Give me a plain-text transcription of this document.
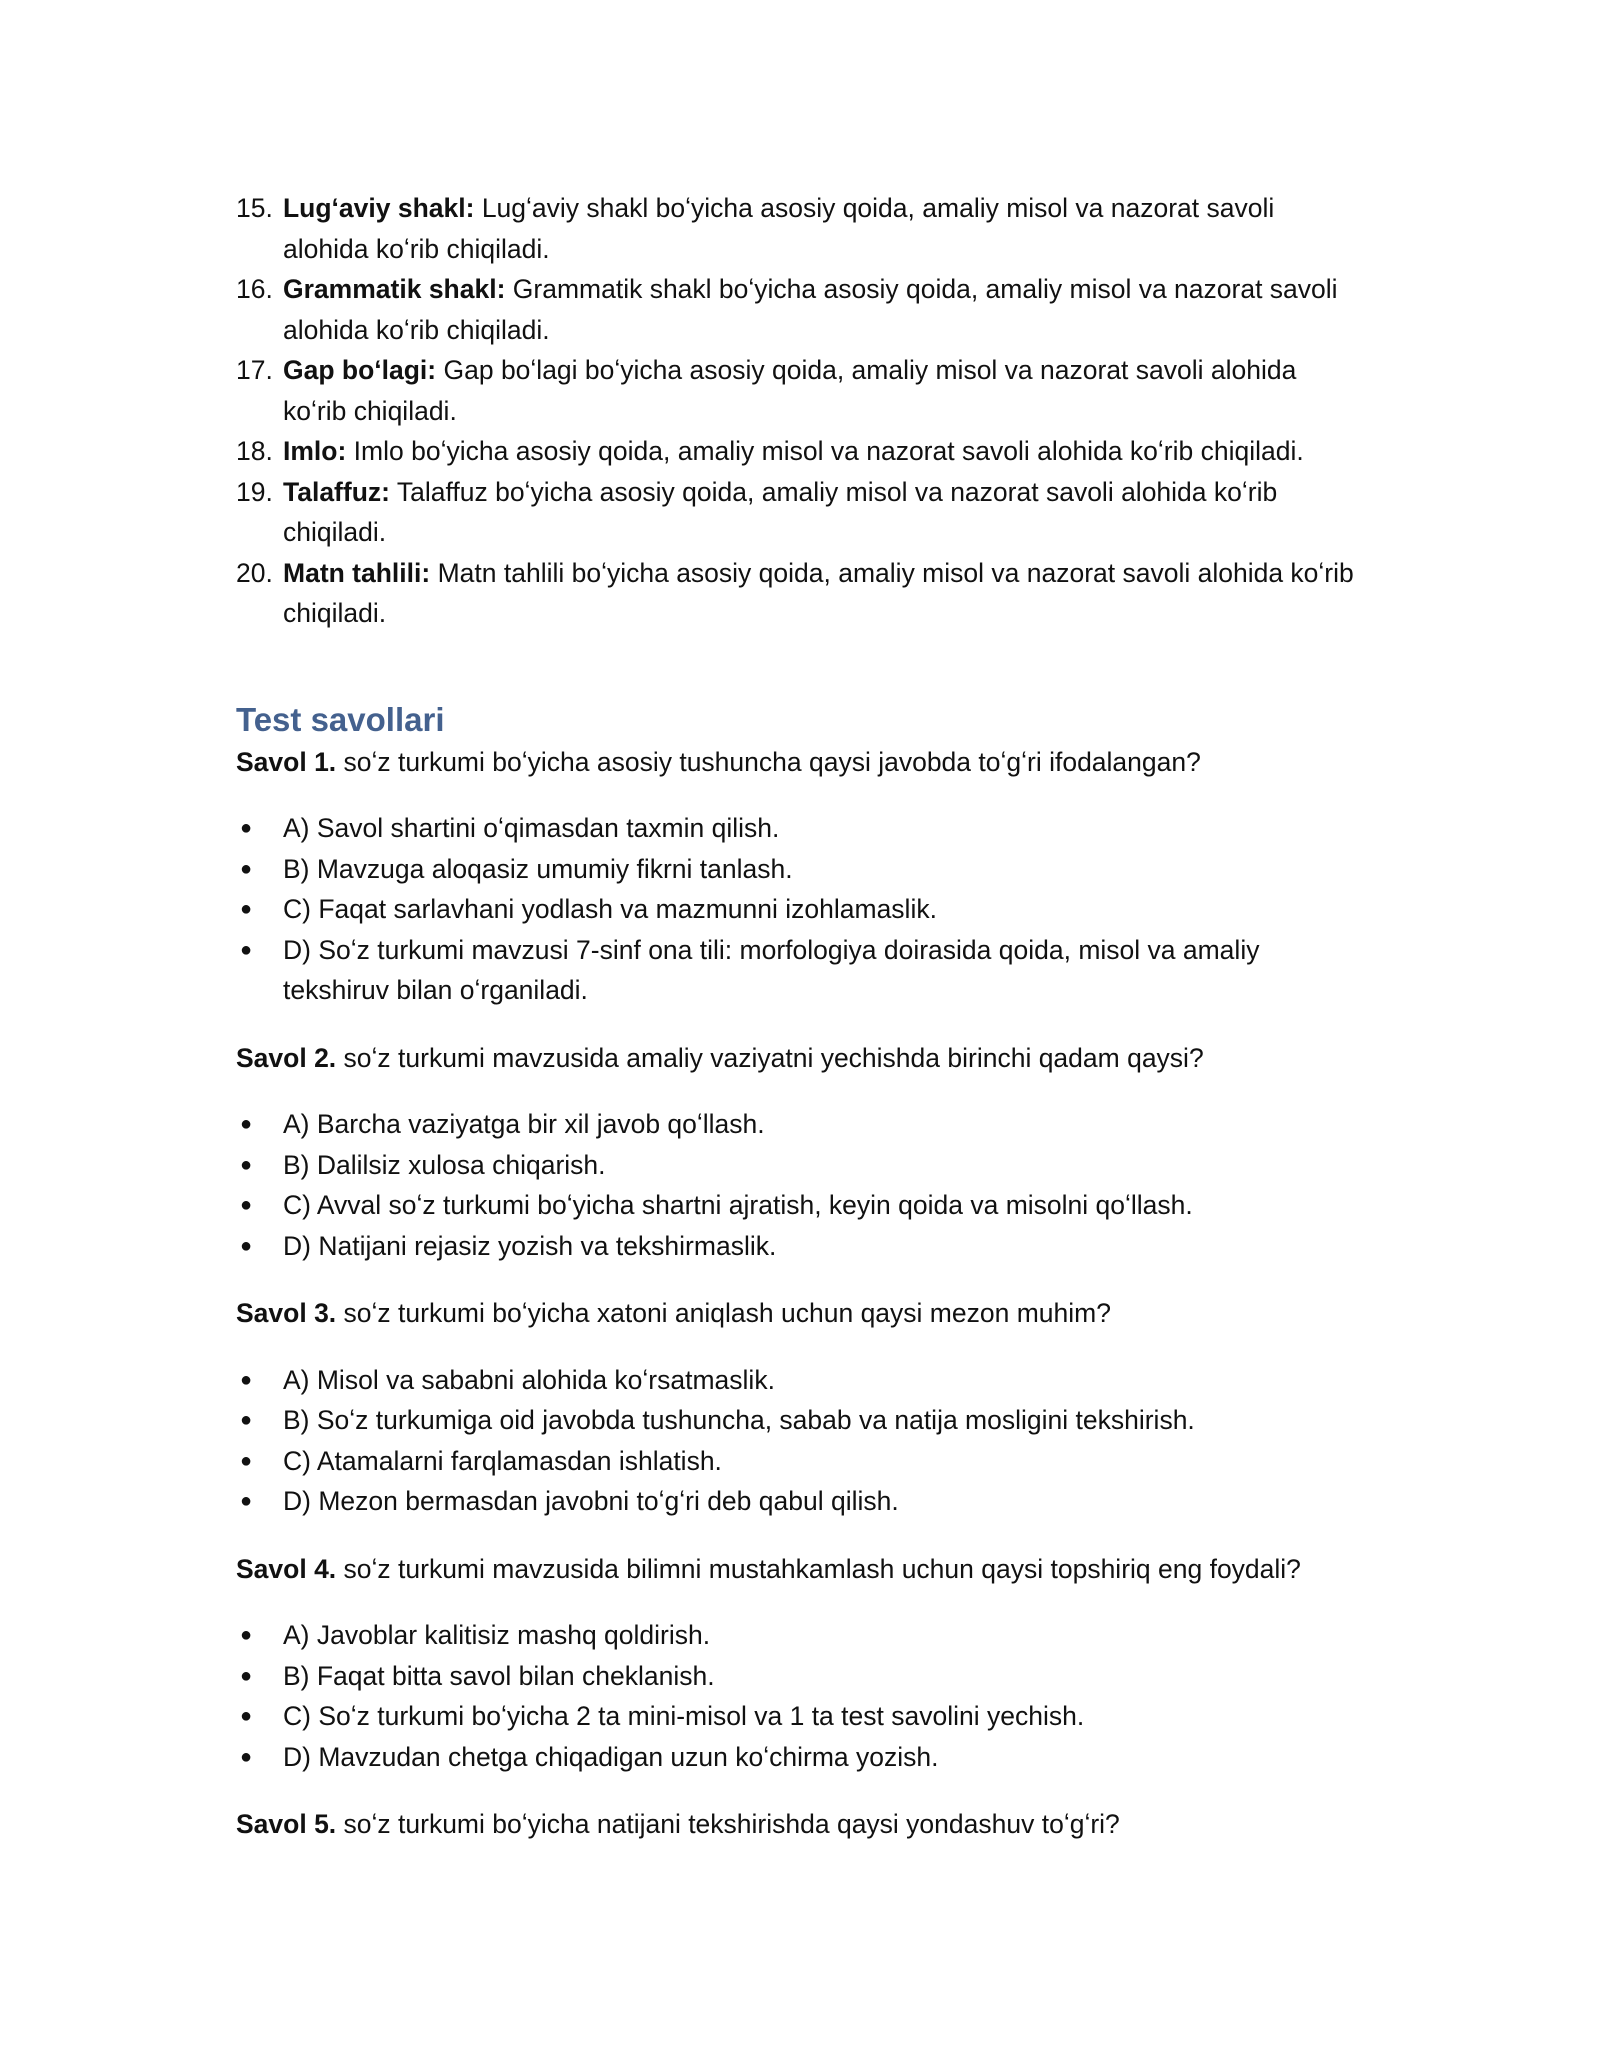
15. Lugʻaviy shakl: Lugʻaviy shakl boʻyicha asosiy qoida, amaliy misol va nazorat savoli alohida koʻrib chiqiladi.
16. Grammatik shakl: Grammatik shakl boʻyicha asosiy qoida, amaliy misol va nazorat savoli alohida koʻrib chiqiladi.
17. Gap boʻlagi: Gap boʻlagi boʻyicha asosiy qoida, amaliy misol va nazorat savoli alohida koʻrib chiqiladi.
18. Imlo: Imlo boʻyicha asosiy qoida, amaliy misol va nazorat savoli alohida koʻrib chiqiladi.
19. Talaffuz: Talaffuz boʻyicha asosiy qoida, amaliy misol va nazorat savoli alohida koʻrib chiqiladi.
20. Matn tahlili: Matn tahlili boʻyicha asosiy qoida, amaliy misol va nazorat savoli alohida koʻrib chiqiladi.
Test savollari

Savol 1. soʻz turkumi boʻyicha asosiy tushuncha qaysi javobda toʻgʻri ifodalangan?

● A) Savol shartini oʻqimasdan taxmin qilish.
● B) Mavzuga aloqasiz umumiy fikrni tanlash.
● C) Faqat sarlavhani yodlash va mazmunni izohlamaslik.
● D) Soʻz turkumi mavzusi 7-sinf ona tili: morfologiya doirasida qoida, misol va amaliy tekshiruv bilan oʻrganiladi.

Savol 2. soʻz turkumi mavzusida amaliy vaziyatni yechishda birinchi qadam qaysi?

● A) Barcha vaziyatga bir xil javob qoʻllash.
● B) Dalilsiz xulosa chiqarish.
● C) Avval soʻz turkumi boʻyicha shartni ajratish, keyin qoida va misolni qoʻllash.
● D) Natijani rejasiz yozish va tekshirmaslik.

Savol 3. soʻz turkumi boʻyicha xatoni aniqlash uchun qaysi mezon muhim?

● A) Misol va sababni alohida koʻrsatmaslik.
● B) Soʻz turkumiga oid javobda tushuncha, sabab va natija mosligini tekshirish.
● C) Atamalarni farqlamasdan ishlatish.
● D) Mezon bermasdan javobni toʻgʻri deb qabul qilish.

Savol 4. soʻz turkumi mavzusida bilimni mustahkamlash uchun qaysi topshiriq eng foydali?

● A) Javoblar kalitisiz mashq qoldirish.
● B) Faqat bitta savol bilan cheklanish.
● C) Soʻz turkumi boʻyicha 2 ta mini-misol va 1 ta test savolini yechish.
● D) Mavzudan chetga chiqadigan uzun koʻchirma yozish.

Savol 5. soʻz turkumi boʻyicha natijani tekshirishda qaysi yondashuv toʻgʻri?
